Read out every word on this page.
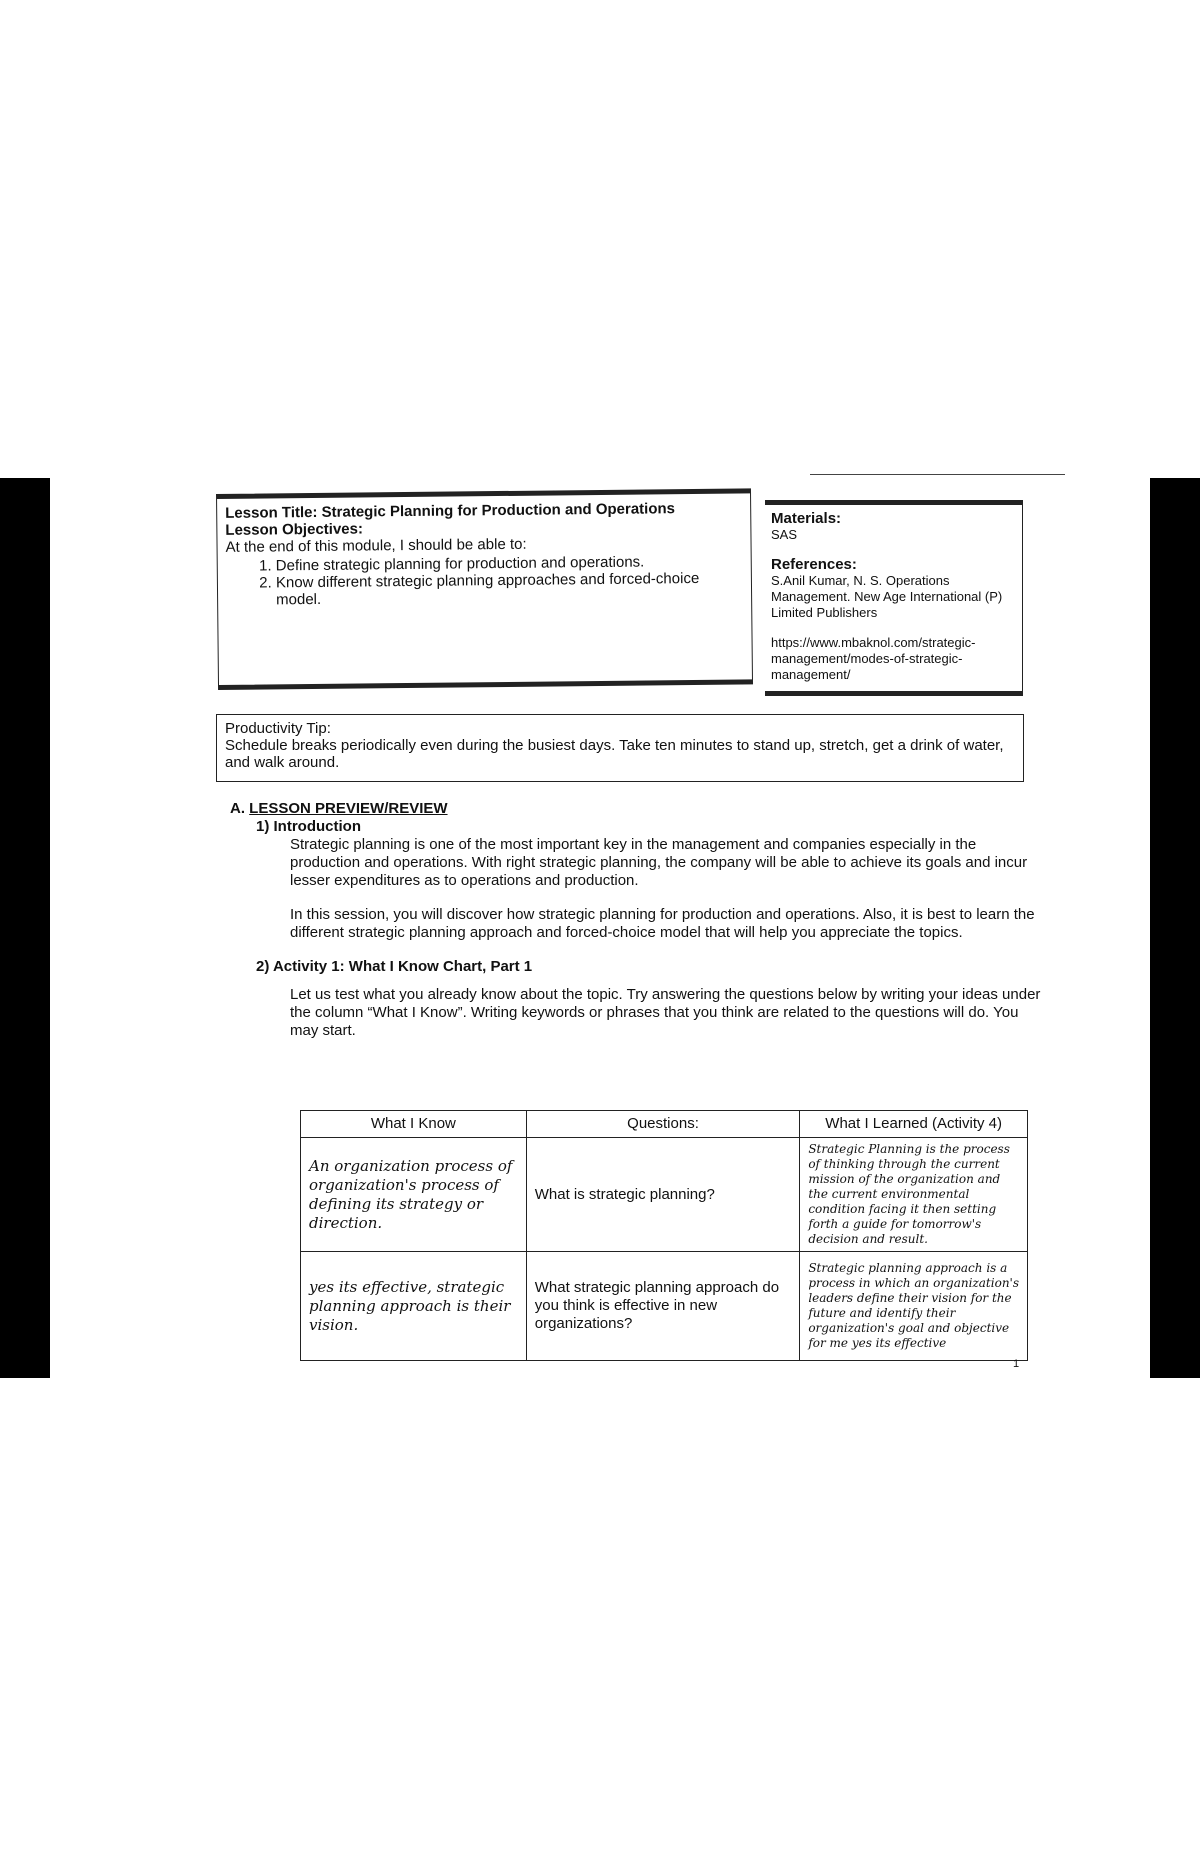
Lesson Title: Strategic Planning for Production and Operations
Lesson Objectives:
At the end of this module, I should be able to:
1. Define strategic planning for production and operations.
2. Know different strategic planning approaches and forced-choice model.
Materials:
SAS
References:
S.Anil Kumar, N. S. Operations Management. New Age International (P) Limited Publishers
https://www.mbaknol.com/strategic-management/modes-of-strategic-management/
Productivity Tip:
Schedule breaks periodically even during the busiest days. Take ten minutes to stand up, stretch, get a drink of water, and walk around.
A. LESSON PREVIEW/REVIEW
1) Introduction

Strategic planning is one of the most important key in the management and companies especially in the production and operations. With right strategic planning, the company will be able to achieve its goals and incur lesser expenditures as to operations and production.

In this session, you will discover how strategic planning for production and operations. Also, it is best to learn the different strategic planning approach and forced-choice model that will help you appreciate the topics.

2) Activity 1: What I Know Chart, Part 1

Let us test what you already know about the topic. Try answering the questions below by writing your ideas under the column “What I Know”. Writing keywords or phrases that you think are related to the questions will do. You may start.

What I Know	Questions:	What I Learned (Activity 4)
An organization process of organization's process of defining its strategy or direction.	What is strategic planning?	Strategic Planning is the process of thinking through the current mission of the organization and the current environmental condition facing it then setting forth a guide for tomorrow's decision and result.
yes its effective, strategic planning approach is their vision.	What strategic planning approach do you think is effective in new organizations?	Strategic planning approach is a process in which an organization's leaders define their vision for the future and identify their organization's goal and objective for me yes its effective
1
